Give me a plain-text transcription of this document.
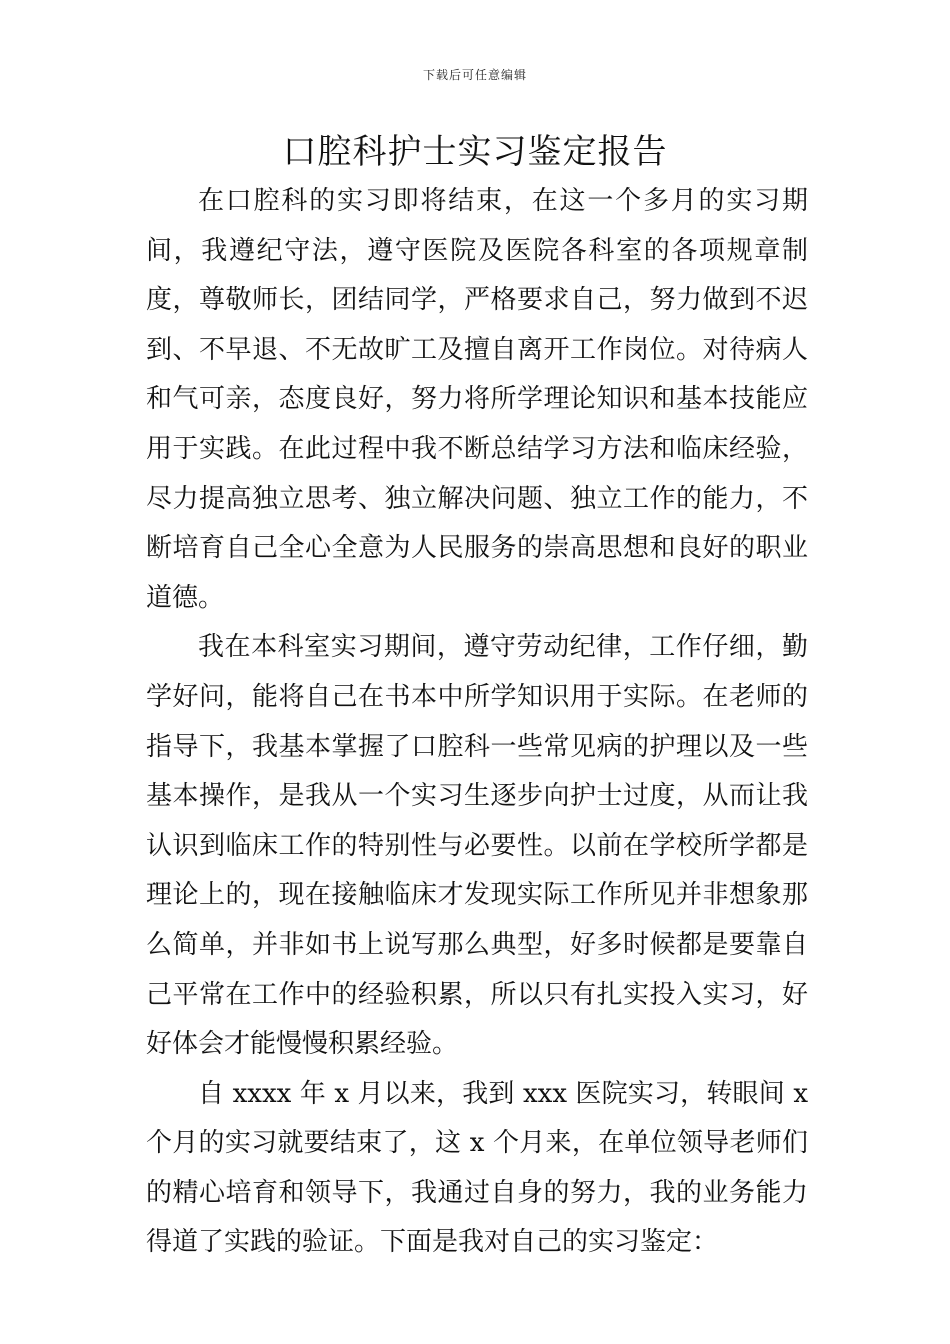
下载后可任意编辑
口腔科护士实习鉴定报告

在口腔科的实习即将结束，在这一个多月的实习期间，我遵纪守法，遵守医院及医院各科室的各项规章制度，尊敬师长，团结同学，严格要求自己，努力做到不迟到、不早退、不无故旷工及擅自离开工作岗位。对待病人和气可亲，态度良好，努力将所学理论知识和基本技能应用于实践。在此过程中我不断总结学习方法和临床经验，尽力提高独立思考、独立解决问题、独立工作的能力，不断培育自己全心全意为人民服务的崇高思想和良好的职业道德。

我在本科室实习期间，遵守劳动纪律，工作仔细，勤学好问，能将自己在书本中所学知识用于实际。在老师的指导下，我基本掌握了口腔科一些常见病的护理以及一些基本操作，是我从一个实习生逐步向护士过度，从而让我认识到临床工作的特别性与必要性。以前在学校所学都是理论上的，现在接触临床才发现实际工作所见并非想象那么简单，并非如书上说写那么典型，好多时候都是要靠自己平常在工作中的经验积累，所以只有扎实投入实习，好好体会才能慢慢积累经验。

自 xxxx 年 x 月以来，我到 xxx 医院实习，转眼间 x 个月的实习就要结束了，这 x 个月来，在单位领导老师们的精心培育和领导下，我通过自身的努力，我的业务能力得道了实践的验证。下面是我对自己的实习鉴定：
